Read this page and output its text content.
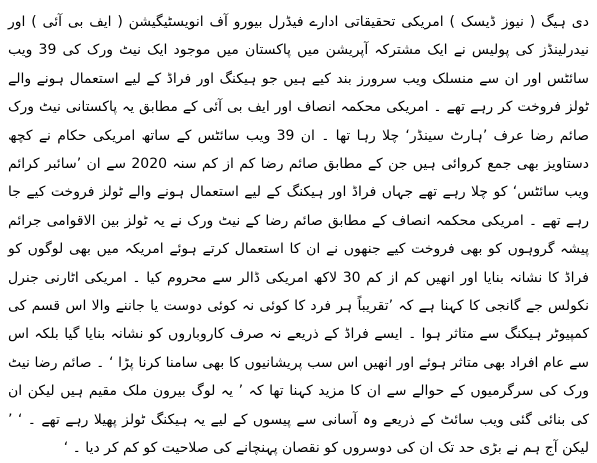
دی ہیگ ( نیوز ڈیسک ) امریکی تحقیقاتی ادارے فیڈرل بیورو آف انویسٹیگیشن ( ایف بی آئی ) اور نیدرلینڈز کی پولیس نے ایک مشترکہ آپریشن میں پاکستان میں موجود ایک نیٹ ورک کی 39 ویب سائٹس اور ان سے منسلک ویب سرورز بند کیے ہیں جو ہیکنگ اور فراڈ کے لیے استعمال ہونے والے ٹولز فروخت کر رہے تھے ۔ امریکی محکمہ انصاف اور ایف بی آئی کے مطابق یہ پاکستانی نیٹ ورک صائم رضا عرف ’ہارٹ سینڈر‘ چلا رہا تھا ۔ ان 39 ویب سائٹس کے ساتھ امریکی حکام نے کچھ دستاویز بھی جمع کروائی ہیں جن کے مطابق صائم رضا کم از کم سنہ 2020 سے ان ’سائبر کرائم ویب سائٹس‘ کو چلا رہے تھے جہاں فراڈ اور ہیکنگ کے لیے استعمال ہونے والے ٹولز فروخت کیے جا رہے تھے ۔ امریکی محکمہ انصاف کے مطابق صائم رضا کے نیٹ ورک نے یہ ٹولز بین الاقوامی جرائم پیشہ گروہوں کو بھی فروخت کیے جنھوں نے ان کا استعمال کرتے ہوئے امریکہ میں بھی لوگوں کو فراڈ کا نشانہ بنایا اور انھیں کم از کم 30 لاکھ امریکی ڈالر سے محروم کیا ۔ امریکی اٹارنی جنرل نکولس جے گانجی کا کہنا ہے کہ ’تقریباً ہر فرد کا کوئی نہ کوئی دوست یا جاننے والا اس قسم کی کمپیوٹر ہیکنگ سے متاثر ہوا ۔ ایسے فراڈ کے ذریعے نہ صرف کاروباروں کو نشانہ بنایا گیا بلکہ اس سے عام افراد بھی متاثر ہوئے اور انھیں اس سب پریشانیوں کا بھی سامنا کرنا پڑا ‘ ۔ صائم رضا نیٹ ورک کی سرگرمیوں کے حوالے سے ان کا مزید کہنا تھا کہ ’ یہ لوگ بیرون ملک مقیم ہیں لیکن ان کی بنائی گئی ویب سائٹ کے ذریعے وہ آسانی سے پیسوں کے لیے یہ ہیکنگ ٹولز پھیلا رہے تھے ۔ ‘ ’ لیکن آج ہم نے بڑی حد تک ان کی دوسروں کو نقصان پہنچانے کی صلاحیت کو کم کر دیا ۔ ‘
